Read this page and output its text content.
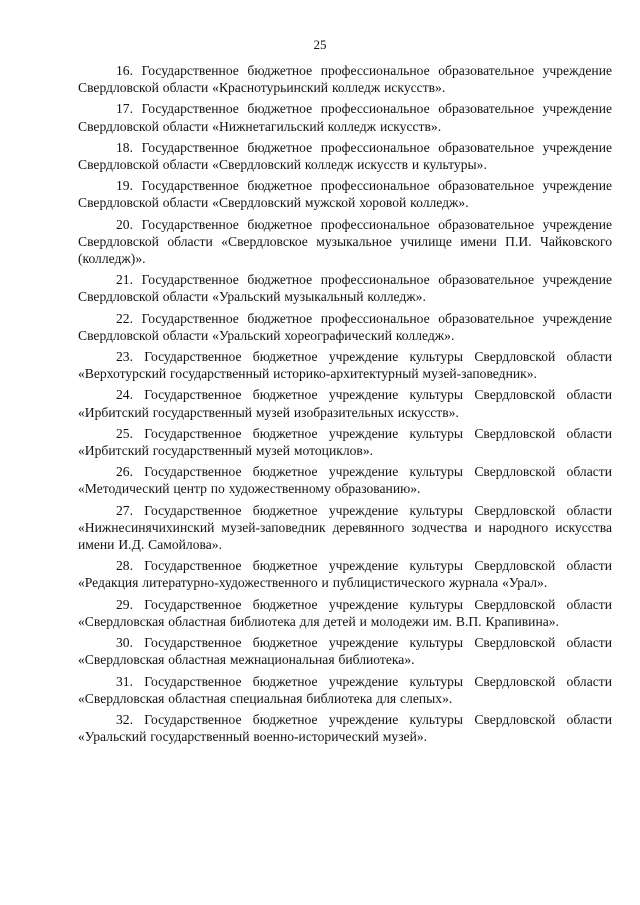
25

16. Государственное бюджетное профессиональное образовательное учреждение Свердловской области «Краснотурьинский колледж искусств».

17. Государственное бюджетное профессиональное образовательное учреждение Свердловской области «Нижнетагильский колледж искусств».

18. Государственное бюджетное профессиональное образовательное учреждение Свердловской области «Свердловский колледж искусств и культуры».

19. Государственное бюджетное профессиональное образовательное учреждение Свердловской области «Свердловский мужской хоровой колледж».

20. Государственное бюджетное профессиональное образовательное учреждение Свердловской области «Свердловское музыкальное училище имени П.И. Чайковского (колледж)».

21. Государственное бюджетное профессиональное образовательное учреждение Свердловской области «Уральский музыкальный колледж».

22. Государственное бюджетное профессиональное образовательное учреждение Свердловской области «Уральский хореографический колледж».

23. Государственное бюджетное учреждение культуры Свердловской области «Верхотурский государственный историко-архитектурный музей-заповедник».

24. Государственное бюджетное учреждение культуры Свердловской области «Ирбитский государственный музей изобразительных искусств».

25. Государственное бюджетное учреждение культуры Свердловской области «Ирбитский государственный музей мотоциклов».

26. Государственное бюджетное учреждение культуры Свердловской области «Методический центр по художественному образованию».

27. Государственное бюджетное учреждение культуры Свердловской области «Нижнесинячихинский музей-заповедник деревянного зодчества и народного искусства имени И.Д. Самойлова».

28. Государственное бюджетное учреждение культуры Свердловской области «Редакция литературно-художественного и публицистического журнала «Урал».

29. Государственное бюджетное учреждение культуры Свердловской области «Свердловская областная библиотека для детей и молодежи им. В.П. Крапивина».

30. Государственное бюджетное учреждение культуры Свердловской области «Свердловская областная межнациональная библиотека».

31. Государственное бюджетное учреждение культуры Свердловской области «Свердловская областная специальная библиотека для слепых».

32. Государственное бюджетное учреждение культуры Свердловской области «Уральский государственный военно-исторический музей».
